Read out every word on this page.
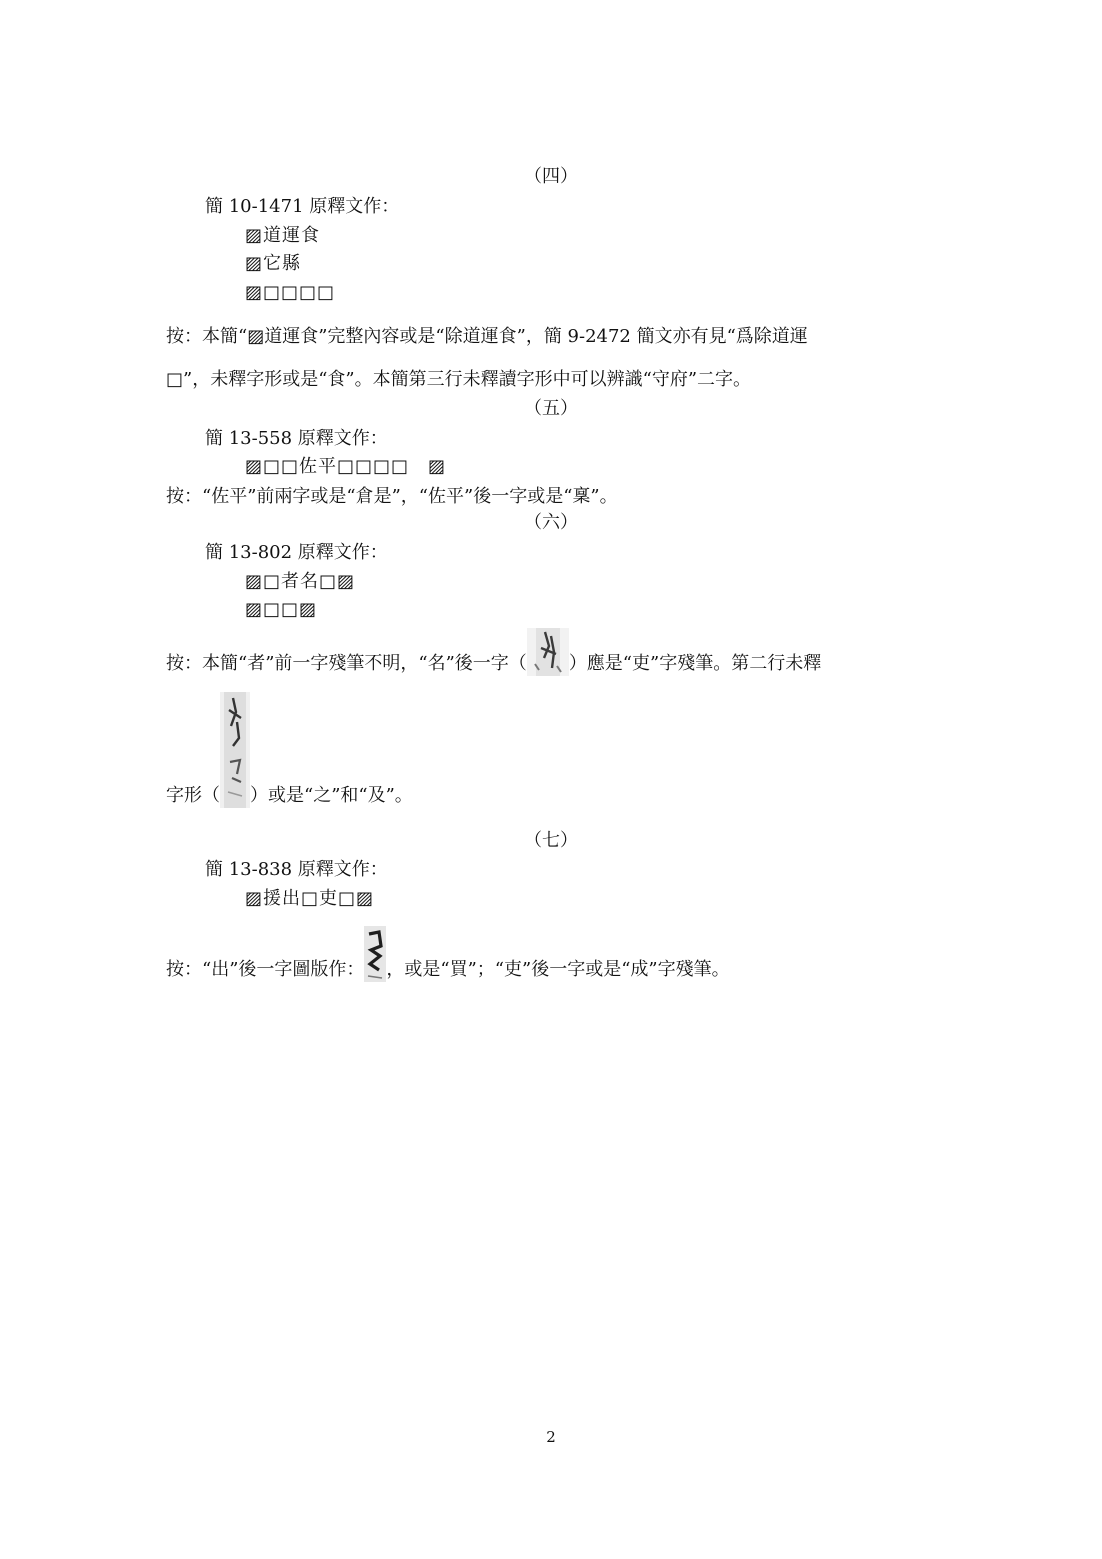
（四）
簡 10-1471 原釋文作：
▨道運食
▨它縣
▨□□□□
按：本簡“▨道運食”完整內容或是“除道運食”，簡 9-2472 簡文亦有見“爲除道運
□”，未釋字形或是“食”。本簡第三行未釋讀字形中可以辨識“守府”二字。
（五）
簡 13-558 原釋文作：
▨□□佐平□□□□　▨
按：“佐平”前兩字或是“倉是”，“佐平”後一字或是“稟”。
（六）
簡 13-802 原釋文作：
▨□者名□▨
▨□□▨
按：本簡“者”前一字殘筆不明，“名”後一字（ ）應是“吏”字殘筆。第二行未釋
字形（ ）或是“之”和“及”。
（七）
簡 13-838 原釋文作：
▨援出□吏□▨
按：“出”後一字圖版作： ，或是“買”；“吏”後一字或是“成”字殘筆。
2
